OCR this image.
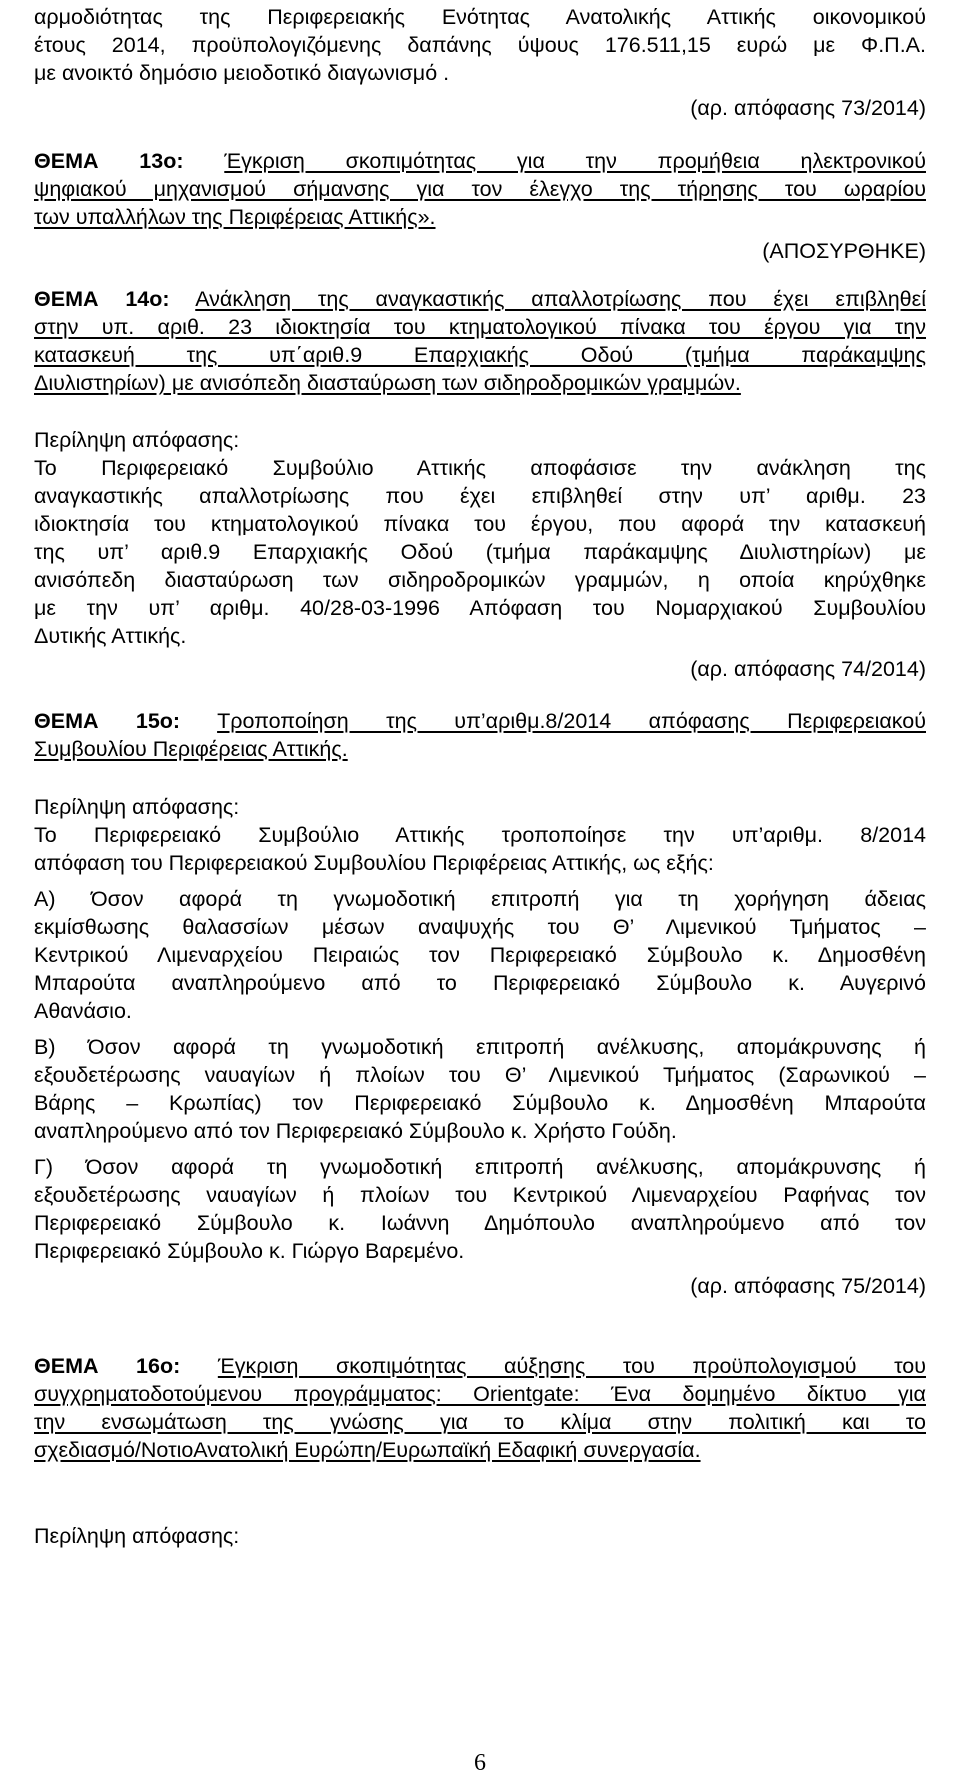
αρμοδιότητας της Περιφερειακής Ενότητας Ανατολικής Αττικής οικονομικού
έτους 2014, προϋπολογιζόμενης δαπάνης ύψους 176.511,15 ευρώ με Φ.Π.Α.
με ανοικτό δημόσιο μειοδοτικό διαγωνισμό .
(αρ. απόφασης 73/2014)
ΘΕΜΑ 13ο: Έγκριση σκοπιμότητας για την προμήθεια ηλεκτρονικού
ψηφιακού μηχανισμού σήμανσης για τον έλεγχο της τήρησης του ωραρίου
των υπαλλήλων της Περιφέρειας Αττικής».
(ΑΠΟΣΥΡΘΗΚΕ)
ΘΕΜΑ 14ο: Ανάκληση της αναγκαστικής απαλλοτρίωσης που έχει επιβληθεί
στην υπ. αριθ. 23 ιδιοκτησία του κτηματολογικού πίνακα του έργου για την
κατασκευή της υπ΄αριθ.9 Επαρχιακής Οδού (τμήμα παράκαμψης
Διυλιστηρίων) με ανισόπεδη διασταύρωση των σιδηροδρομικών γραμμών.
Περίληψη απόφασης:
Το Περιφερειακό Συμβούλιο Αττικής αποφάσισε την ανάκληση της
αναγκαστικής απαλλοτρίωσης που έχει επιβληθεί στην υπ’ αριθμ. 23
ιδιοκτησία του κτηματολογικού πίνακα του έργου, που αφορά την κατασκευή
της υπ’ αριθ.9 Επαρχιακής Οδού (τμήμα παράκαμψης Διυλιστηρίων) με
ανισόπεδη διασταύρωση των σιδηροδρομικών γραμμών, η οποία κηρύχθηκε
με την υπ’ αριθμ. 40/28-03-1996 Απόφαση του Νομαρχιακού Συμβουλίου
Δυτικής Αττικής.
(αρ. απόφασης 74/2014)
ΘΕΜΑ 15ο: Τροποποίηση της υπ’αριθμ.8/2014 απόφασης Περιφερειακού
Συμβουλίου Περιφέρειας Αττικής.
Περίληψη απόφασης:
Το Περιφερειακό Συμβούλιο Αττικής τροποποίησε την υπ’αριθμ. 8/2014
απόφαση του Περιφερειακού Συμβουλίου Περιφέρειας Αττικής, ως εξής:
Α) Όσον αφορά τη γνωμοδοτική επιτροπή για τη χορήγηση άδειας
εκμίσθωσης θαλασσίων μέσων αναψυχής του Θ’ Λιμενικού Τμήματος –
Κεντρικού Λιμεναρχείου Πειραιώς τον Περιφερειακό Σύμβουλο κ. Δημοσθένη
Μπαρούτα αναπληρούμενο από το Περιφερειακό Σύμβουλο κ. Αυγερινό
Αθανάσιο.
Β) Όσον αφορά τη γνωμοδοτική επιτροπή ανέλκυσης, απομάκρυνσης ή
εξουδετέρωσης ναυαγίων ή πλοίων του Θ’ Λιμενικού Τμήματος (Σαρωνικού –
Βάρης – Κρωπίας) τον Περιφερειακό Σύμβουλο κ. Δημοσθένη Μπαρούτα
αναπληρούμενο από τον Περιφερειακό Σύμβουλο κ. Χρήστο Γούδη.
Γ) Όσον αφορά τη γνωμοδοτική επιτροπή ανέλκυσης, απομάκρυνσης ή
εξουδετέρωσης ναυαγίων ή πλοίων του Κεντρικού Λιμεναρχείου Ραφήνας τον
Περιφερειακό Σύμβουλο κ. Ιωάννη Δημόπουλο αναπληρούμενο από τον
Περιφερειακό Σύμβουλο κ. Γιώργο Βαρεμένο.
(αρ. απόφασης 75/2014)
ΘΕΜΑ 16ο: Έγκριση σκοπιμότητας αύξησης του προϋπολογισμού του
συγχρηματοδοτούμενου προγράμματος: Orientgate: Ένα δομημένο δίκτυο για
την ενσωμάτωση της γνώσης για το κλίμα στην πολιτική και το
σχεδιασμό/ΝοτιοΑνατολική Ευρώπη/Ευρωπαϊκή Εδαφική συνεργασία.
Περίληψη απόφασης:
6
